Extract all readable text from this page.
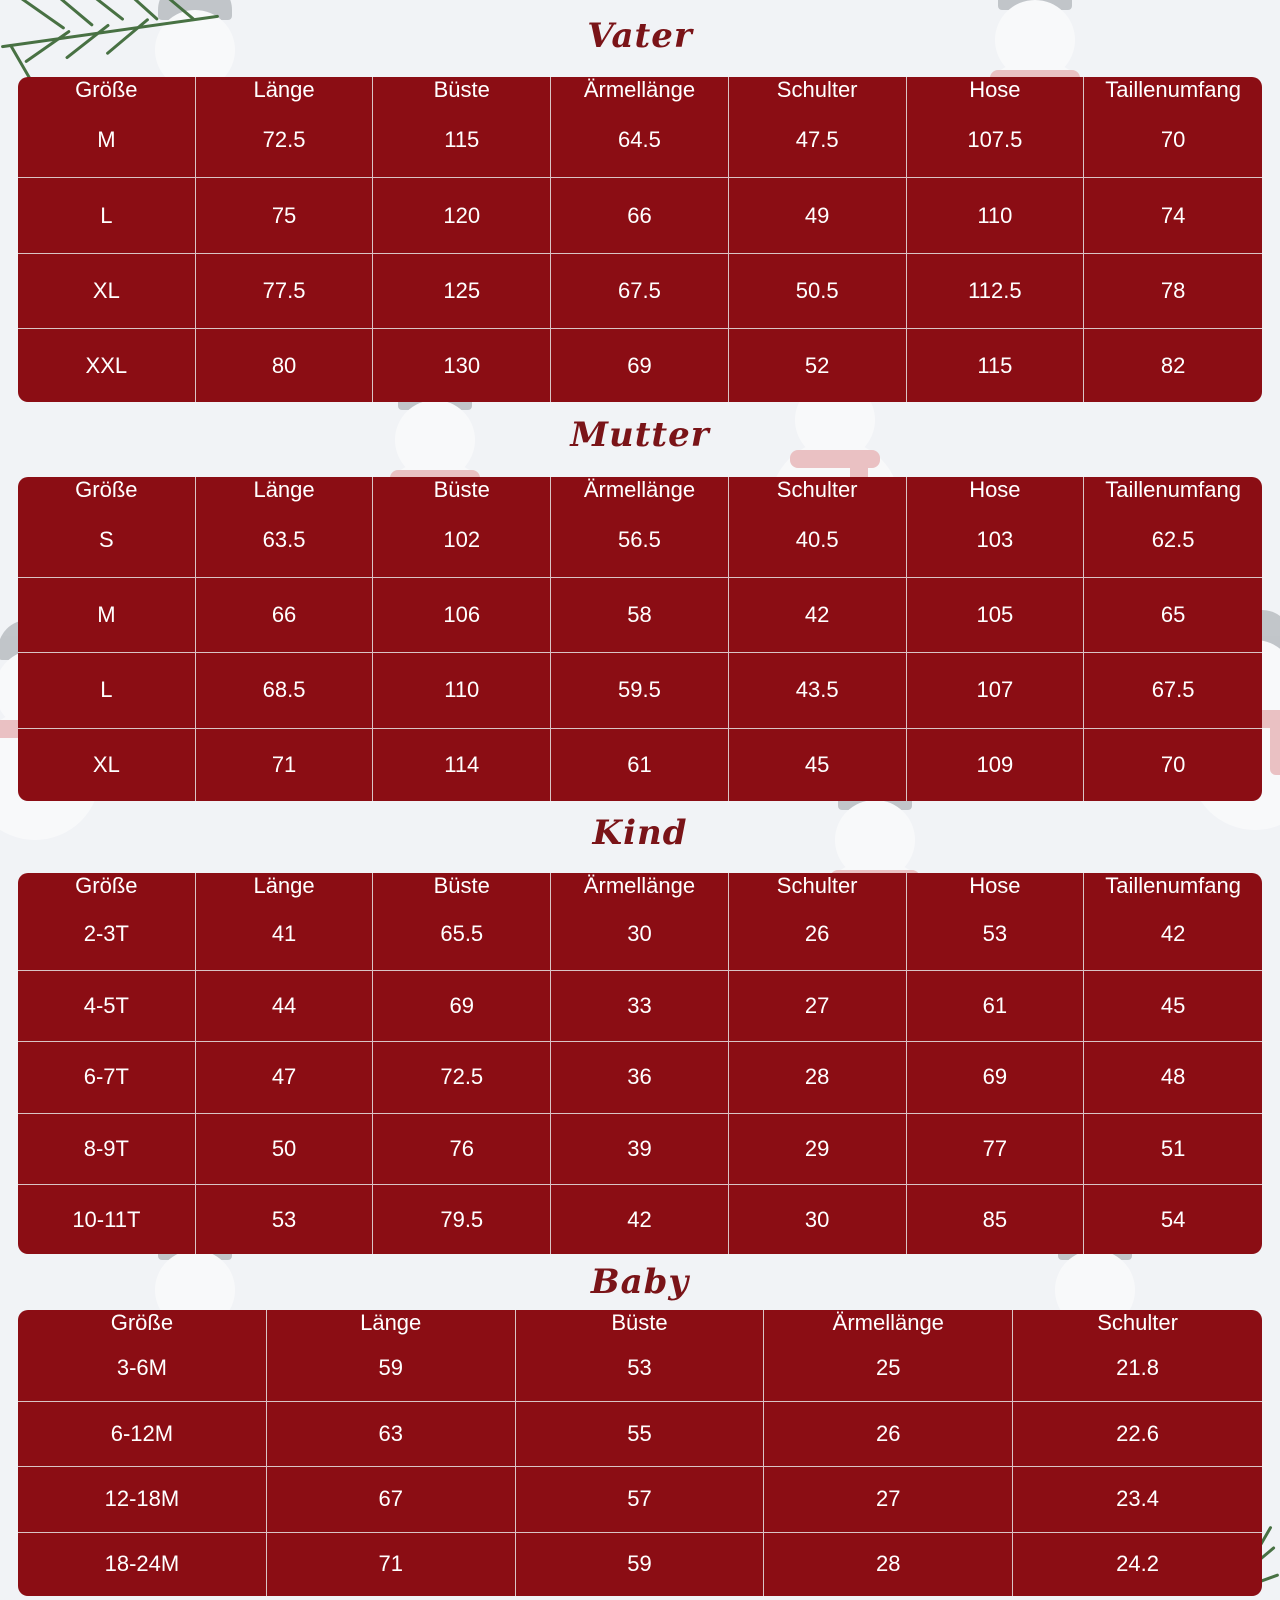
Vater
Größe	Länge	Büste	Ärmellänge	Schulter	Hose	Taillenumfang
M	72.5	115	64.5	47.5	107.5	70
L	75	120	66	49	110	74
XL	77.5	125	67.5	50.5	112.5	78
XXL	80	130	69	52	115	82
Mutter
Größe	Länge	Büste	Ärmellänge	Schulter	Hose	Taillenumfang
S	63.5	102	56.5	40.5	103	62.5
M	66	106	58	42	105	65
L	68.5	110	59.5	43.5	107	67.5
XL	71	114	61	45	109	70
Kind
Größe	Länge	Büste	Ärmellänge	Schulter	Hose	Taillenumfang
2-3T	41	65.5	30	26	53	42
4-5T	44	69	33	27	61	45
6-7T	47	72.5	36	28	69	48
8-9T	50	76	39	29	77	51
10-11T	53	79.5	42	30	85	54
Baby
Größe	Länge	Büste	Ärmellänge	Schulter
3-6M	59	53	25	21.8
6-12M	63	55	26	22.6
12-18M	67	57	27	23.4
18-24M	71	59	28	24.2
